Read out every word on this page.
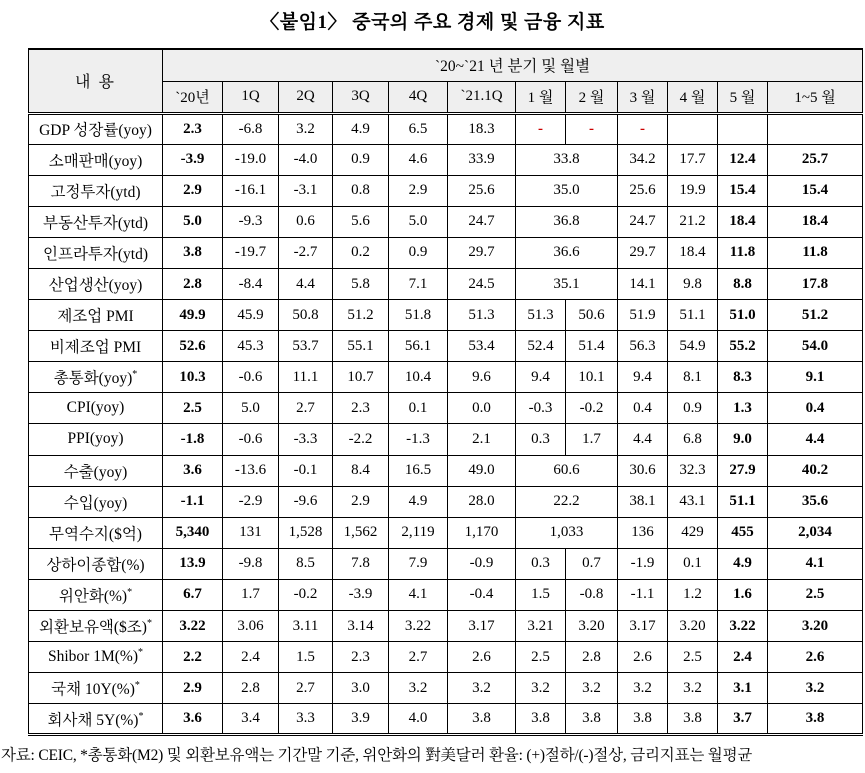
〈붙임1〉 중국의 주요 경제 및 금융 지표
내 용	`20~`21 년 분기 및 월별											
	`20년	1Q	2Q	3Q	4Q	`21.1Q	1 월	2 월	3 월	4 월	5 월	1~5 월
GDP 성장률(yoy)	2.3	-6.8	3.2	4.9	6.5	18.3	-	-	-			
소매판매(yoy)	-3.9	-19.0	-4.0	0.9	4.6	33.9	33.8		34.2	17.7	12.4	25.7
고정투자(ytd)	2.9	-16.1	-3.1	0.8	2.9	25.6	35.0		25.6	19.9	15.4	15.4
부동산투자(ytd)	5.0	-9.3	0.6	5.6	5.0	24.7	36.8		24.7	21.2	18.4	18.4
인프라투자(ytd)	3.8	-19.7	-2.7	0.2	0.9	29.7	36.6		29.7	18.4	11.8	11.8
산업생산(yoy)	2.8	-8.4	4.4	5.8	7.1	24.5	35.1		14.1	9.8	8.8	17.8
제조업 PMI	49.9	45.9	50.8	51.2	51.8	51.3	51.3	50.6	51.9	51.1	51.0	51.2
비제조업 PMI	52.6	45.3	53.7	55.1	56.1	53.4	52.4	51.4	56.3	54.9	55.2	54.0
총통화(yoy)*	10.3	-0.6	11.1	10.7	10.4	9.6	9.4	10.1	9.4	8.1	8.3	9.1
CPI(yoy)	2.5	5.0	2.7	2.3	0.1	0.0	-0.3	-0.2	0.4	0.9	1.3	0.4
PPI(yoy)	-1.8	-0.6	-3.3	-2.2	-1.3	2.1	0.3	1.7	4.4	6.8	9.0	4.4
수출(yoy)	3.6	-13.6	-0.1	8.4	16.5	49.0	60.6		30.6	32.3	27.9	40.2
수입(yoy)	-1.1	-2.9	-9.6	2.9	4.9	28.0	22.2		38.1	43.1	51.1	35.6
무역수지($억)	5,340	131	1,528	1,562	2,119	1,170	1,033		136	429	455	2,034
상하이종합(%)	13.9	-9.8	8.5	7.8	7.9	-0.9	0.3	0.7	-1.9	0.1	4.9	4.1
위안화(%)*	6.7	1.7	-0.2	-3.9	4.1	-0.4	1.5	-0.8	-1.1	1.2	1.6	2.5
외환보유액($조)*	3.22	3.06	3.11	3.14	3.22	3.17	3.21	3.20	3.17	3.20	3.22	3.20
Shibor 1M(%)*	2.2	2.4	1.5	2.3	2.7	2.6	2.5	2.8	2.6	2.5	2.4	2.6
국채 10Y(%)*	2.9	2.8	2.7	3.0	3.2	3.2	3.2	3.2	3.2	3.2	3.1	3.2
회사채 5Y(%)*	3.6	3.4	3.3	3.9	4.0	3.8	3.8	3.8	3.8	3.8	3.7	3.8
자료: CEIC, *총통화(M2) 및 외환보유액는 기간말 기준, 위안화의 對美달러 환율: (+)절하/(-)절상, 금리지표는 월평균
